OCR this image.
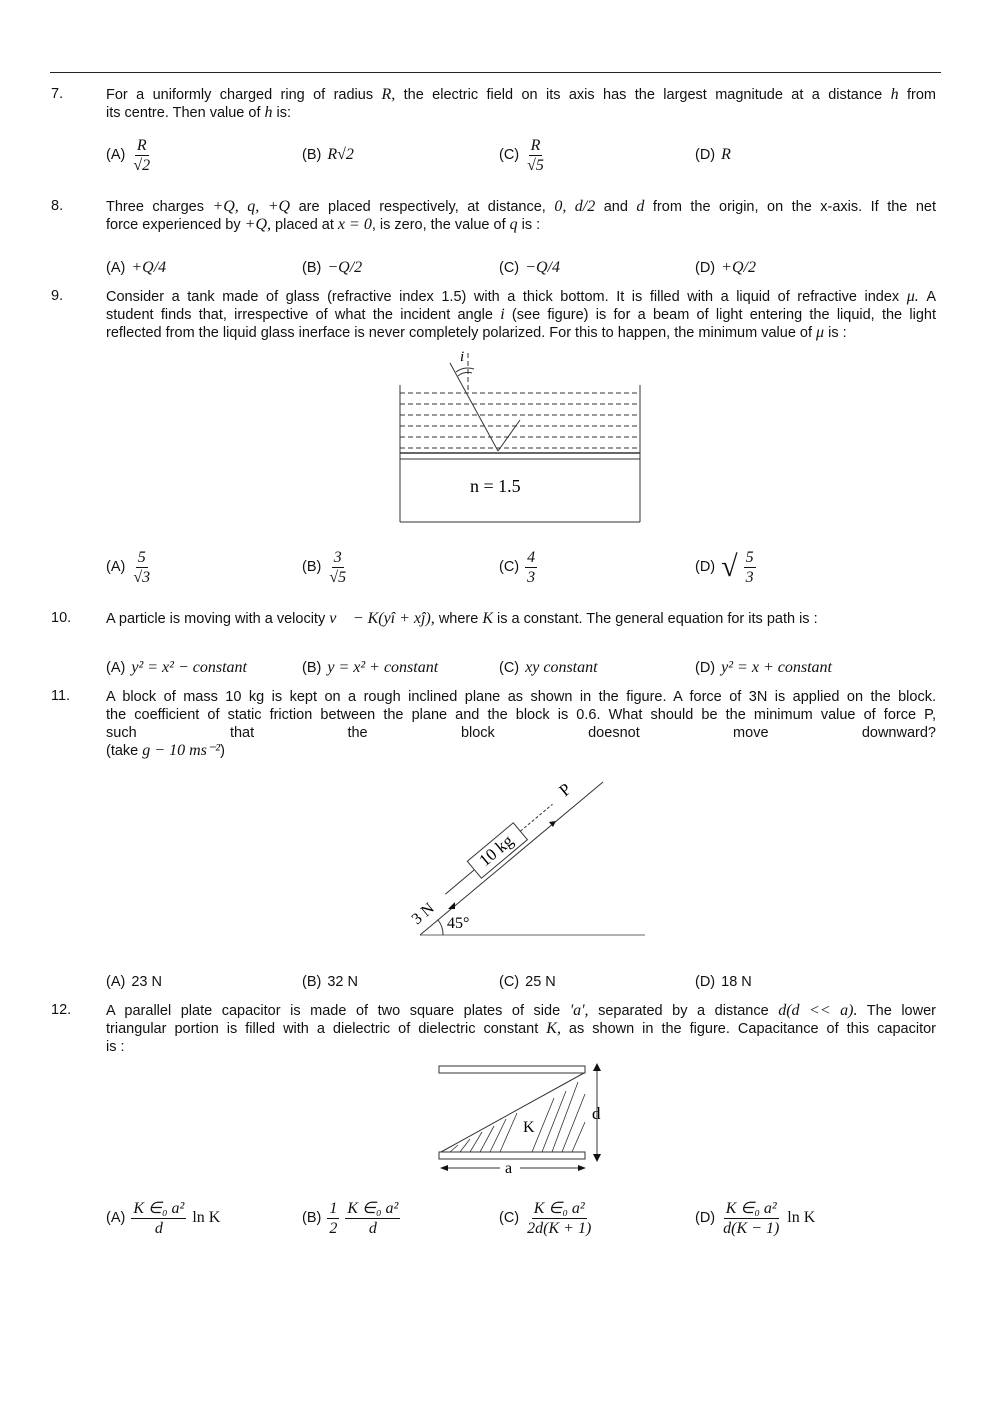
7.	For a uniformly charged ring of radius R, the electric field on its axis has the largest magnitude at a distance h from
its centre. Then value of h is:
$(A) \frac{R}{√2}$	(B) R√2	$(C) \frac{R}{√5}$	(D) R
8.	Three charges +Q, q, +Q are placed respectively, at distance, 0, d/2 and d from the origin, on the x-axis. If the net
force experienced by +Q, placed at x = 0, is zero, the value of q is :
(A) +Q/4	(B) −Q/2	(C) −Q/4	(D) +Q/2
9.	Consider a tank made of glass (refractive index 1.5) with a thick bottom. It is filled with a liquid of refractive index μ. A
student finds that, irrespective of what the incident angle i (see figure) is for a beam of light entering the liquid, the light
reflected from the liquid glass inerface is never completely polarized. For this to happen, the minimum value of μ is :
$(A) \frac{5}{√3}$	$(B) \frac{3}{√5}$	$(C) \frac{4}{3}$	(D) √ $\frac{5}{3}$
10. A particle is moving with a velocity v⃗ − K(yî + xĵ), where K is a constant. The general equation for its path is :
(A) y² = x² − constant	(B) y = x² + constant	(C) xy constant	(D) y² = x + constant
11. A block of mass 10 kg is kept on a rough inclined plane as shown in the figure. A force of 3N is applied on the block.
the coefficient of static friction between the plane and the block is 0.6. What should be the minimum value of force P,
such that the block doesnot move downward?
(take g − 10 ms⁻²)
(A) 23 N	(B) 32 N	(C) 25 N	(D) 18 N
12. A parallel plate capacitor is made of two square plates of side 'a', separated by a distance d(d << a). The lower
triangular portion is filled with a dielectric of dielectric constant K, as shown in the figure. Capacitance of this capacitor
is :
$(A) \frac{\text{K ∈₀ a²}}{d}$ ln K	$(B) \frac{1}{2} \frac{\text{K ∈₀ a²}}{d}$	$(C) \frac{\text{K ∈₀ a²}}{2d(K + 1)}$	$(D) \frac{\text{K ∈₀ a²}}{d(K - 1)}$ ln K
i
n = 1.5
10 kg
P
3 N 45°
K
d
a
